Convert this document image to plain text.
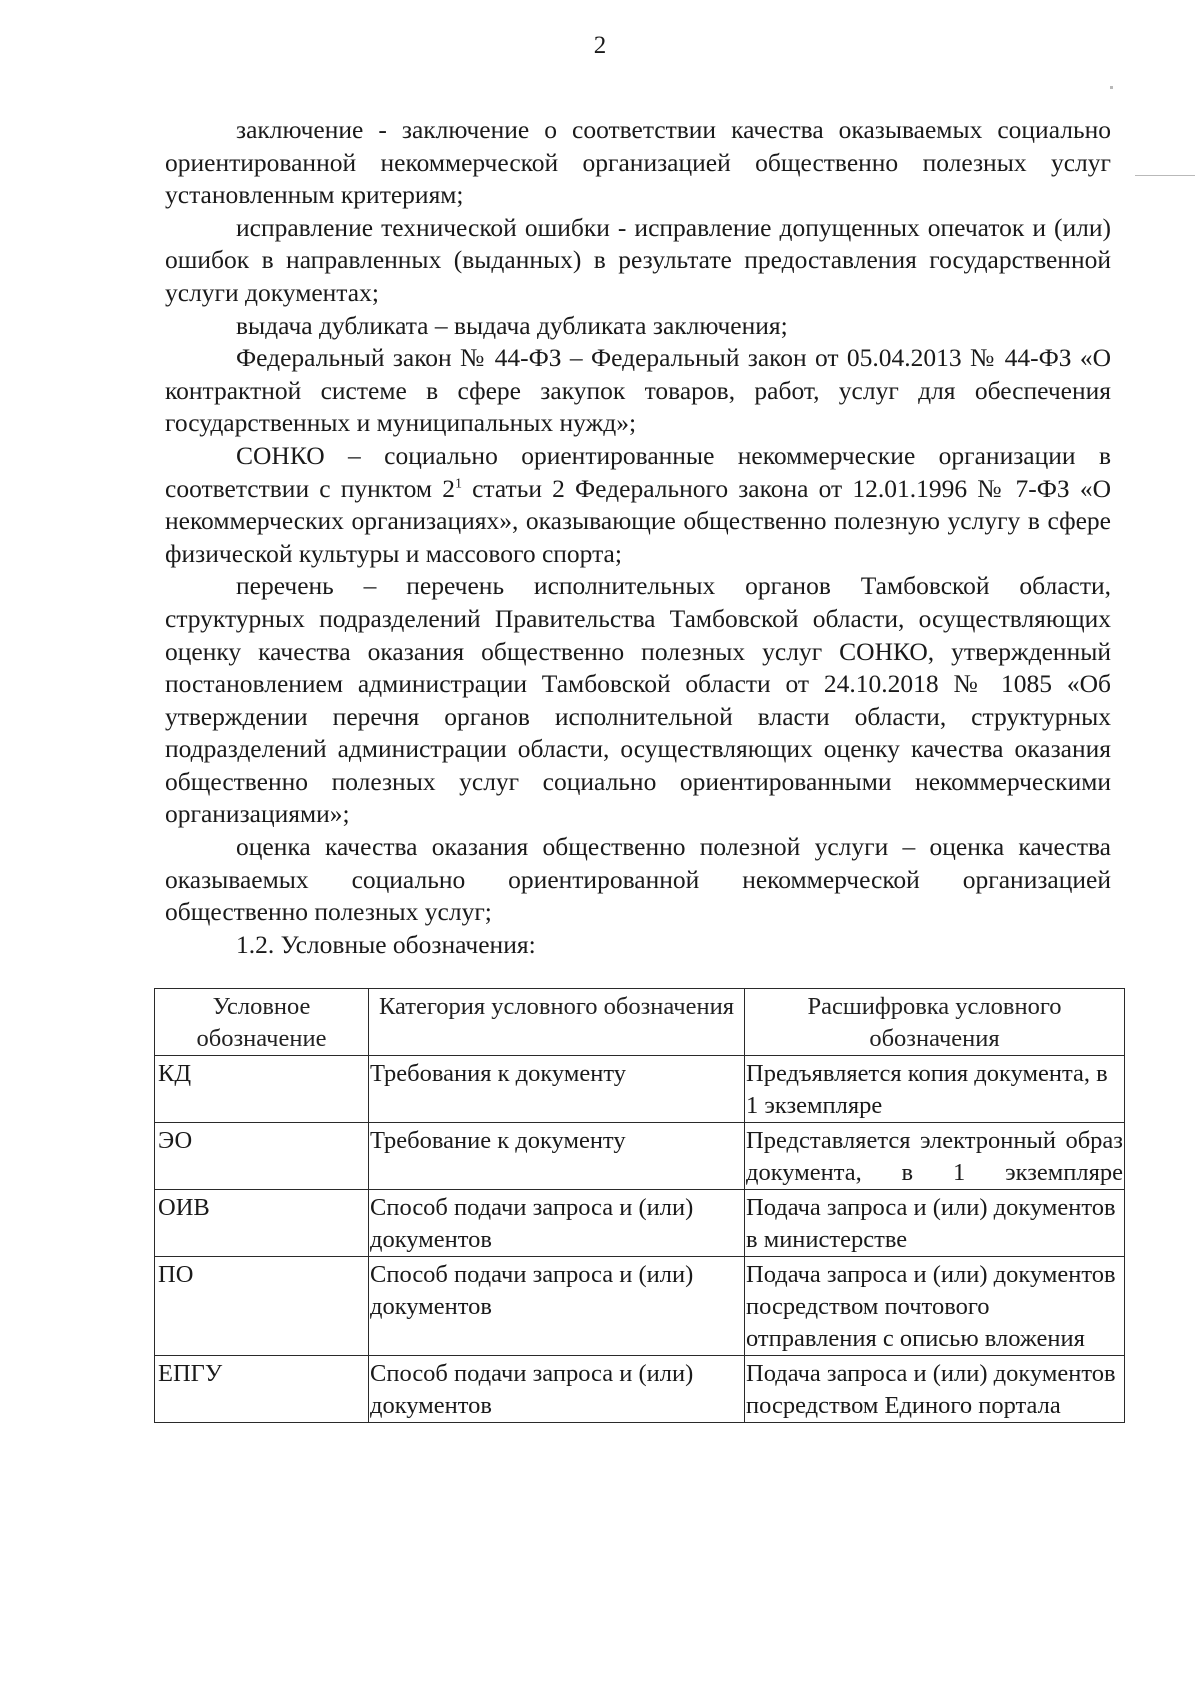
2

заключение - заключение о соответствии качества оказываемых социально ориентированной некоммерческой организацией общественно полезных услуг установленным критериям;

исправление технической ошибки - исправление допущенных опечаток и (или) ошибок в направленных (выданных) в результате предоставления государственной услуги документах;

выдача дубликата – выдача дубликата заключения;

Федеральный закон № 44-ФЗ – Федеральный закон от 05.04.2013 № 44-ФЗ «О контрактной системе в сфере закупок товаров, работ, услуг для обеспечения государственных и муниципальных нужд»;

СОНКО – социально ориентированные некоммерческие организации в соответствии с пунктом $2^1$ статьи 2 Федерального закона от 12.01.1996 № 7-ФЗ «О некоммерческих организациях», оказывающие общественно полезную услугу в сфере физической культуры и массового спорта;

перечень – перечень исполнительных органов Тамбовской области, структурных подразделений Правительства Тамбовской области, осуществляющих оценку качества оказания общественно полезных услуг СОНКО, утвержденный постановлением администрации Тамбовской области от 24.10.2018 № 1085 «Об утверждении перечня органов исполнительной власти области, структурных подразделений администрации области, осуществляющих оценку качества оказания общественно полезных услуг социально ориентированными некоммерческими организациями»;

оценка качества оказания общественно полезной услуги – оценка качества оказываемых социально ориентированной некоммерческой организацией общественно полезных услуг;

1.2. Условные обозначения:

Условное обозначение	Категория условного обозначения	Расшифровка условного обозначения
КД	Требования к документу	Предъявляется копия документа, в 1 экземпляре
ЭО	Требование к документу	Представляется электронный образ документа, в 1 экземпляре
ОИВ	Способ подачи запроса и (или) документов	Подача запроса и (или) документов в министерстве
ПО	Способ подачи запроса и (или) документов	Подача запроса и (или) документов посредством почтового отправления с описью вложения
ЕПГУ	Способ подачи запроса и (или) документов	Подача запроса и (или) документов посредством Единого портала
